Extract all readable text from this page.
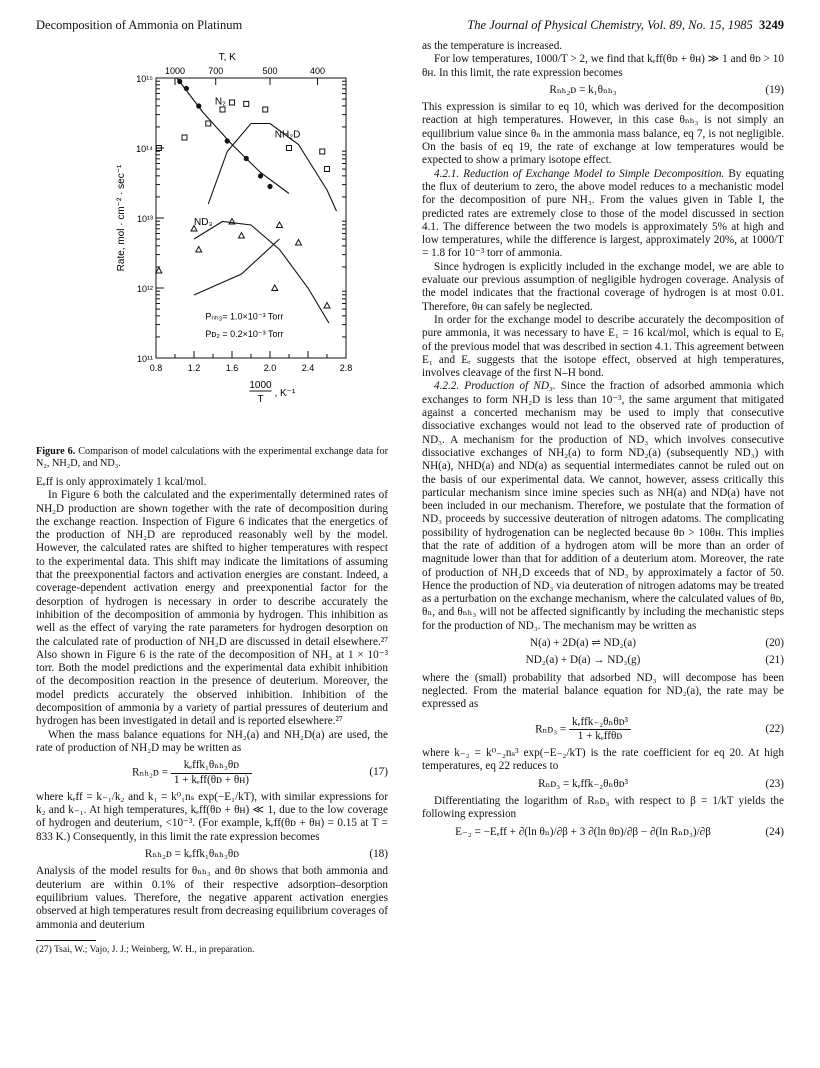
Decomposition of Ammonia on Platinum	The Journal of Physical Chemistry, Vol. 89, No. 15, 1985 3249
0.8	1.2	1.6	2.0	2.4	2.8
1000
T
, K⁻¹
10¹⁵
10¹⁴
10¹³
10¹²
10¹¹
Rate, mol · cm⁻² · sec⁻¹
1000	700	500	400
T, K
N₂
NH₂D
ND₃
Pₙₕ₃= 1.0×10⁻³ Torr
Pᴅ₂ = 0.2×10⁻³ Torr
Figure 6. Comparison of model calculations with the experimental exchange data for N₂, NH₂D, and ND₃.

Eₑff is only approximately 1 kcal/mol.

In Figure 6 both the calculated and the experimentally determined rates of NH₂D production are shown together with the rate of decomposition during the exchange reaction. Inspection of Figure 6 indicates that the energetics of the production of NH₂D are reproduced reasonably well by the model. However, the calculated rates are shifted to higher temperatures with respect to the experimental data. This shift may indicate the limitations of assuming that the preexponential factors and activation energies are constant. Indeed, a coverage-dependent activation energy and preexponential factor for the desorption of hydrogen is necessary in order to describe accurately the inhibition of the decomposition of ammonia by hydrogen. This inhibition as well as the effect of varying the rate parameters for hydrogen desorption on the calculated rate of production of NH₂D are discussed in detail elsewhere.²⁷ Also shown in Figure 6 is the rate of the decomposition of NH₃ at 1 × 10⁻³ torr. Both the model predictions and the experimental data exhibit inhibition of the decomposition reaction in the presence of deuterium. Moreover, the model predicts accurately the observed inhibition. Inhibition of the decomposition of ammonia by a variety of partial pressures of deuterium and hydrogen has been investigated in detail and is reported elsewhere.²⁷

When the mass balance equations for NH₂(a) and NH₂D(a) are used, the rate of production of NH₂D may be written as

Rₙₕ₂ᴅ = $\frac{\text{kₑffk₁θₙₕ₃θᴅ}}{\text{1 + kₑff(θᴅ + θʜ)}}$	(17)

where kₑff = k₋₁/k₂ and k₁ = k⁰₁nₛ exp(−E₁/kT), with similar expressions for k₂ and k₋₁. At high temperatures, kₑff(θᴅ + θʜ) ≪ 1, due to the low coverage of hydrogen and deuterium, <10⁻³. (For example, kₑff(θᴅ + θʜ) = 0.15 at T = 833 K.) Consequently, in this limit the rate expression becomes

Rₙₕ₂ᴅ = kₑffk₁θₙₕ₃θᴅ	(18)

Analysis of the model results for θₙₕ₃ and θᴅ shows that both ammonia and deuterium are within 0.1% of their respective adsorption–desorption equilibrium values. Therefore, the negative apparent activation energies observed at high temperatures result from decreasing equilibrium coverages of ammonia and deuterium

(27) Tsai, W.; Vajo, J. J.; Weinberg, W. H., in preparation.

as the temperature is increased.

For low temperatures, 1000/T > 2, we find that kₑff(θᴅ + θʜ) ≫ 1 and θᴅ > 10 θʜ. In this limit, the rate expression becomes

Rₙₕ₂ᴅ = k₁θₙₕ₃	(19)

This expression is similar to eq 10, which was derived for the decomposition reaction at high temperatures. However, in this case θₙₕ₃ is not simply an equilibrium value since θₙ in the ammonia mass balance, eq 7, is not negligible. On the basis of eq 19, the rate of exchange at low temperatures would be expected to show a primary isotope effect.

4.2.1. Reduction of Exchange Model to Simple Decomposition. By equating the flux of deuterium to zero, the above model reduces to a mechanistic model for the decomposition of pure NH₃. From the values given in Table I, the predicted rates are extremely close to those of the model discussed in section 4.1. The difference between the two models is approximately 5% at high and low temperatures, while the difference is largest, approximately 20%, at 1000/T = 1.8 for 10⁻³ torr of ammonia.

Since hydrogen is explicitly included in the exchange model, we are able to evaluate our previous assumption of negligible hydrogen coverage. Analysis of the model indicates that the fractional coverage of hydrogen is at most 0.01. Therefore, θʜ can safely be neglected.

In order for the exchange model to describe accurately the decomposition of pure ammonia, it was necessary to have E₁ = 16 kcal/mol, which is equal to Eᵣ of the previous model that was described in section 4.1. This agreement between E₁ and Eᵣ suggests that the isotope effect, observed at high temperatures, involves cleavage of the first N–H bond.

4.2.2. Production of ND₃. Since the fraction of adsorbed ammonia which exchanges to form NH₂D is less than 10⁻³, the same argument that mitigated against a concerted mechanism may be used to imply that consecutive dissociative exchanges would not lead to the observed rate of production of ND₃. A mechanism for the production of ND₃ which involves consecutive dissociative exchanges of NH₂(a) to form ND₂(a) (subsequently ND₃) with NH(a), NHD(a) and ND(a) as sequential intermediates cannot be ruled out on the basis of our experimental data. We cannot, however, assess critically this particular mechanism since imine species such as NH(a) and ND(a) have not been included in our mechanism. Therefore, we postulate that the formation of ND₃ proceeds by successive deuteration of nitrogen adatoms. The complicating possibility of hydrogenation can be neglected because θᴅ > 10θʜ. This implies that the rate of addition of a hydrogen atom will be more than an order of magnitude lower than that for addition of a deuterium atom. Moreover, the rate of production of NH₂D exceeds that of ND₃ by approximately a factor of 50. Hence the production of ND₃ via deuteration of nitrogen adatoms may be treated as a perturbation on the exchange mechanism, where the calculated values of θᴅ, θₙ, and θₙₕ₃ will not be affected significantly by including the mechanistic steps for the production of ND₃. The mechanism may be written as

N(a) + 2D(a) ⇌ ND₂(a)	(20)
ND₂(a) + D(a) → ND₃(g)	(21)

where the (small) probability that adsorbed ND₃ will decompose has been neglected. From the material balance equation for ND₂(a), the rate may be expressed as

Rₙᴅ₃ = $\frac{\text{kₑffk₋₂θₙθᴅ³}}{\text{1 + kₑffθᴅ}}$	(22)

where k₋₂ = k⁰₋₂nₛ³ exp(−E₋₂/kT) is the rate coefficient for eq 20. At high temperatures, eq 22 reduces to

Rₙᴅ₃ = kₑffk₋₂θₙθᴅ³	(23)

Differentiating the logarithm of Rₙᴅ₃ with respect to β = 1/kT yields the following expression

E₋₂ = −Eₑff + ∂(ln θₙ)/∂β + 3 ∂(ln θᴅ)/∂β − ∂(ln Rₙᴅ₃)/∂β	(24)
